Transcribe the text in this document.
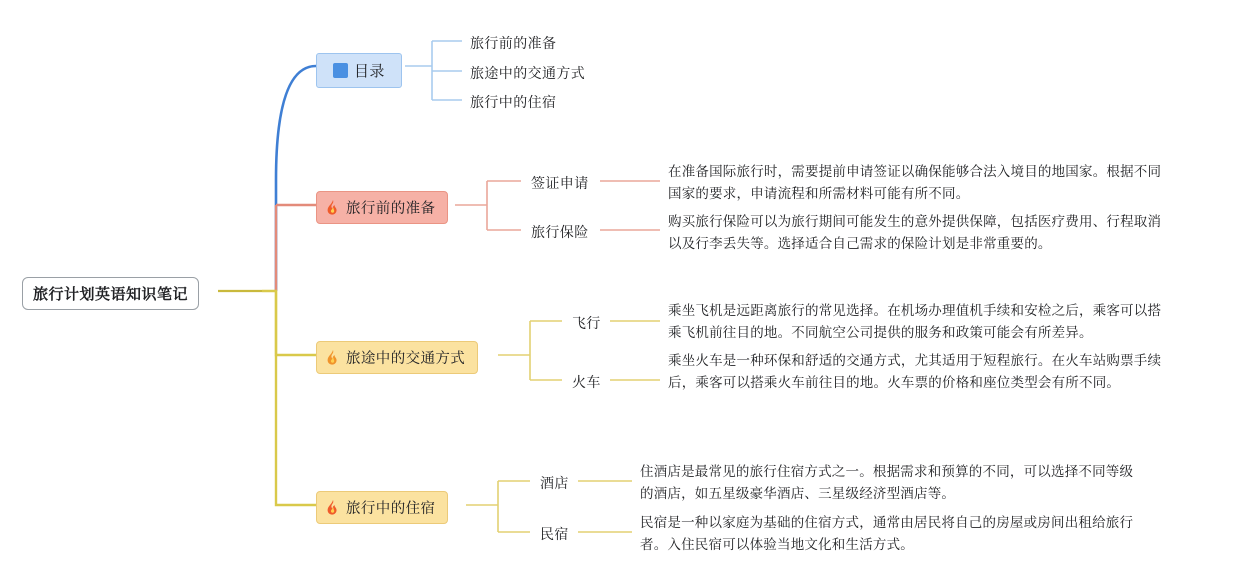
旅行计划英语知识笔记
目录
旅行前的准备
旅途中的交通方式
旅行中的住宿
旅行前的准备
签证申请
旅行保险
在准备国际旅行时，需要提前申请签证以确保能够合法入境目的地国家。根据不同国家的要求，申请流程和所需材料可能有所不同。
购买旅行保险可以为旅行期间可能发生的意外提供保障，包括医疗费用、行程取消以及行李丢失等。选择适合自己需求的保险计划是非常重要的。
旅途中的交通方式
飞行
火车
乘坐飞机是远距离旅行的常见选择。在机场办理值机手续和安检之后，乘客可以搭乘飞机前往目的地。不同航空公司提供的服务和政策可能会有所差异。
乘坐火车是一种环保和舒适的交通方式，尤其适用于短程旅行。在火车站购票手续后，乘客可以搭乘火车前往目的地。火车票的价格和座位类型会有所不同。
旅行中的住宿
酒店
民宿
住酒店是最常见的旅行住宿方式之一。根据需求和预算的不同，可以选择不同等级的酒店，如五星级豪华酒店、三星级经济型酒店等。
民宿是一种以家庭为基础的住宿方式，通常由居民将自己的房屋或房间出租给旅行者。入住民宿可以体验当地文化和生活方式。
